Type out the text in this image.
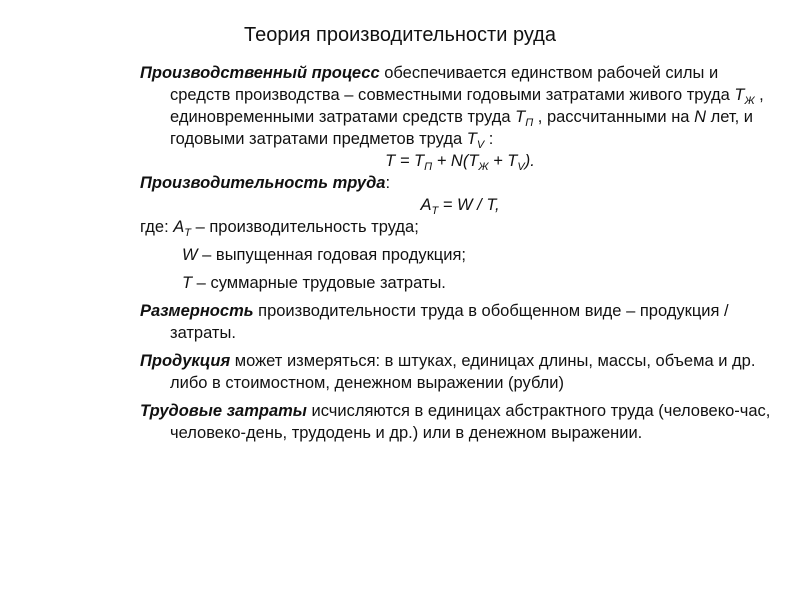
Теория производительности руда

Производственный процесс обеспечивается единством рабочей силы и средств производства – совместными годовыми затратами живого труда $Т_Ж$ , единовременными затратами средств труда $Т_П$ , рассчитанными на N лет, и годовыми затратами предметов труда $Т_V$ :

$Т = Т_П + N(Т_Ж + Т_V)$.

Производительность труда:

$А_Т = W / Т$,

где: $А_Т$ – производительность труда;

W – выпущенная годовая продукция;

Т – суммарные трудовые затраты.

Размерность производительности труда в обобщенном виде – продукция / затраты.

Продукция может измеряться: в штуках, единицах длины, массы, объема и др. либо в стоимостном, денежном выражении (рубли)

Трудовые затраты исчисляются в единицах абстрактного труда (человеко-час, человеко-день, трудодень и др.) или в денежном выражении.
